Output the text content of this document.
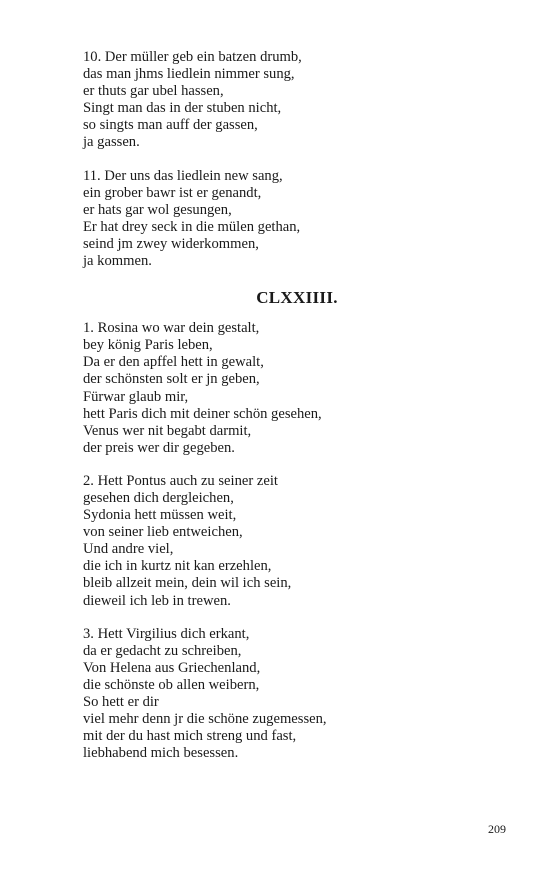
10. Der müller geb ein batzen drumb,
das man jhms liedlein nimmer sung,
er thuts gar ubel hassen,
Singt man das in der stuben nicht,
so singts man auff der gassen,
ja gassen.
11. Der uns das liedlein new sang,
ein grober bawr ist er genandt,
er hats gar wol gesungen,
Er hat drey seck in die mülen gethan,
seind jm zwey widerkommen,
ja kommen.
CLXXIIII.
1. Rosina wo war dein gestalt,
bey könig Paris leben,
Da er den apffel hett in gewalt,
der schönsten solt er jn geben,
Fürwar glaub mir,
hett Paris dich mit deiner schön gesehen,
Venus wer nit begabt darmit,
der preis wer dir gegeben.
2. Hett Pontus auch zu seiner zeit
gesehen dich dergleichen,
Sydonia hett müssen weit,
von seiner lieb entweichen,
Und andre viel,
die ich in kurtz nit kan erzehlen,
bleib allzeit mein, dein wil ich sein,
dieweil ich leb in trewen.
3. Hett Virgilius dich erkant,
da er gedacht zu schreiben,
Von Helena aus Griechenland,
die schönste ob allen weibern,
So hett er dir
viel mehr denn jr die schöne zugemessen,
mit der du hast mich streng und fast,
liebhabend mich besessen.
209
